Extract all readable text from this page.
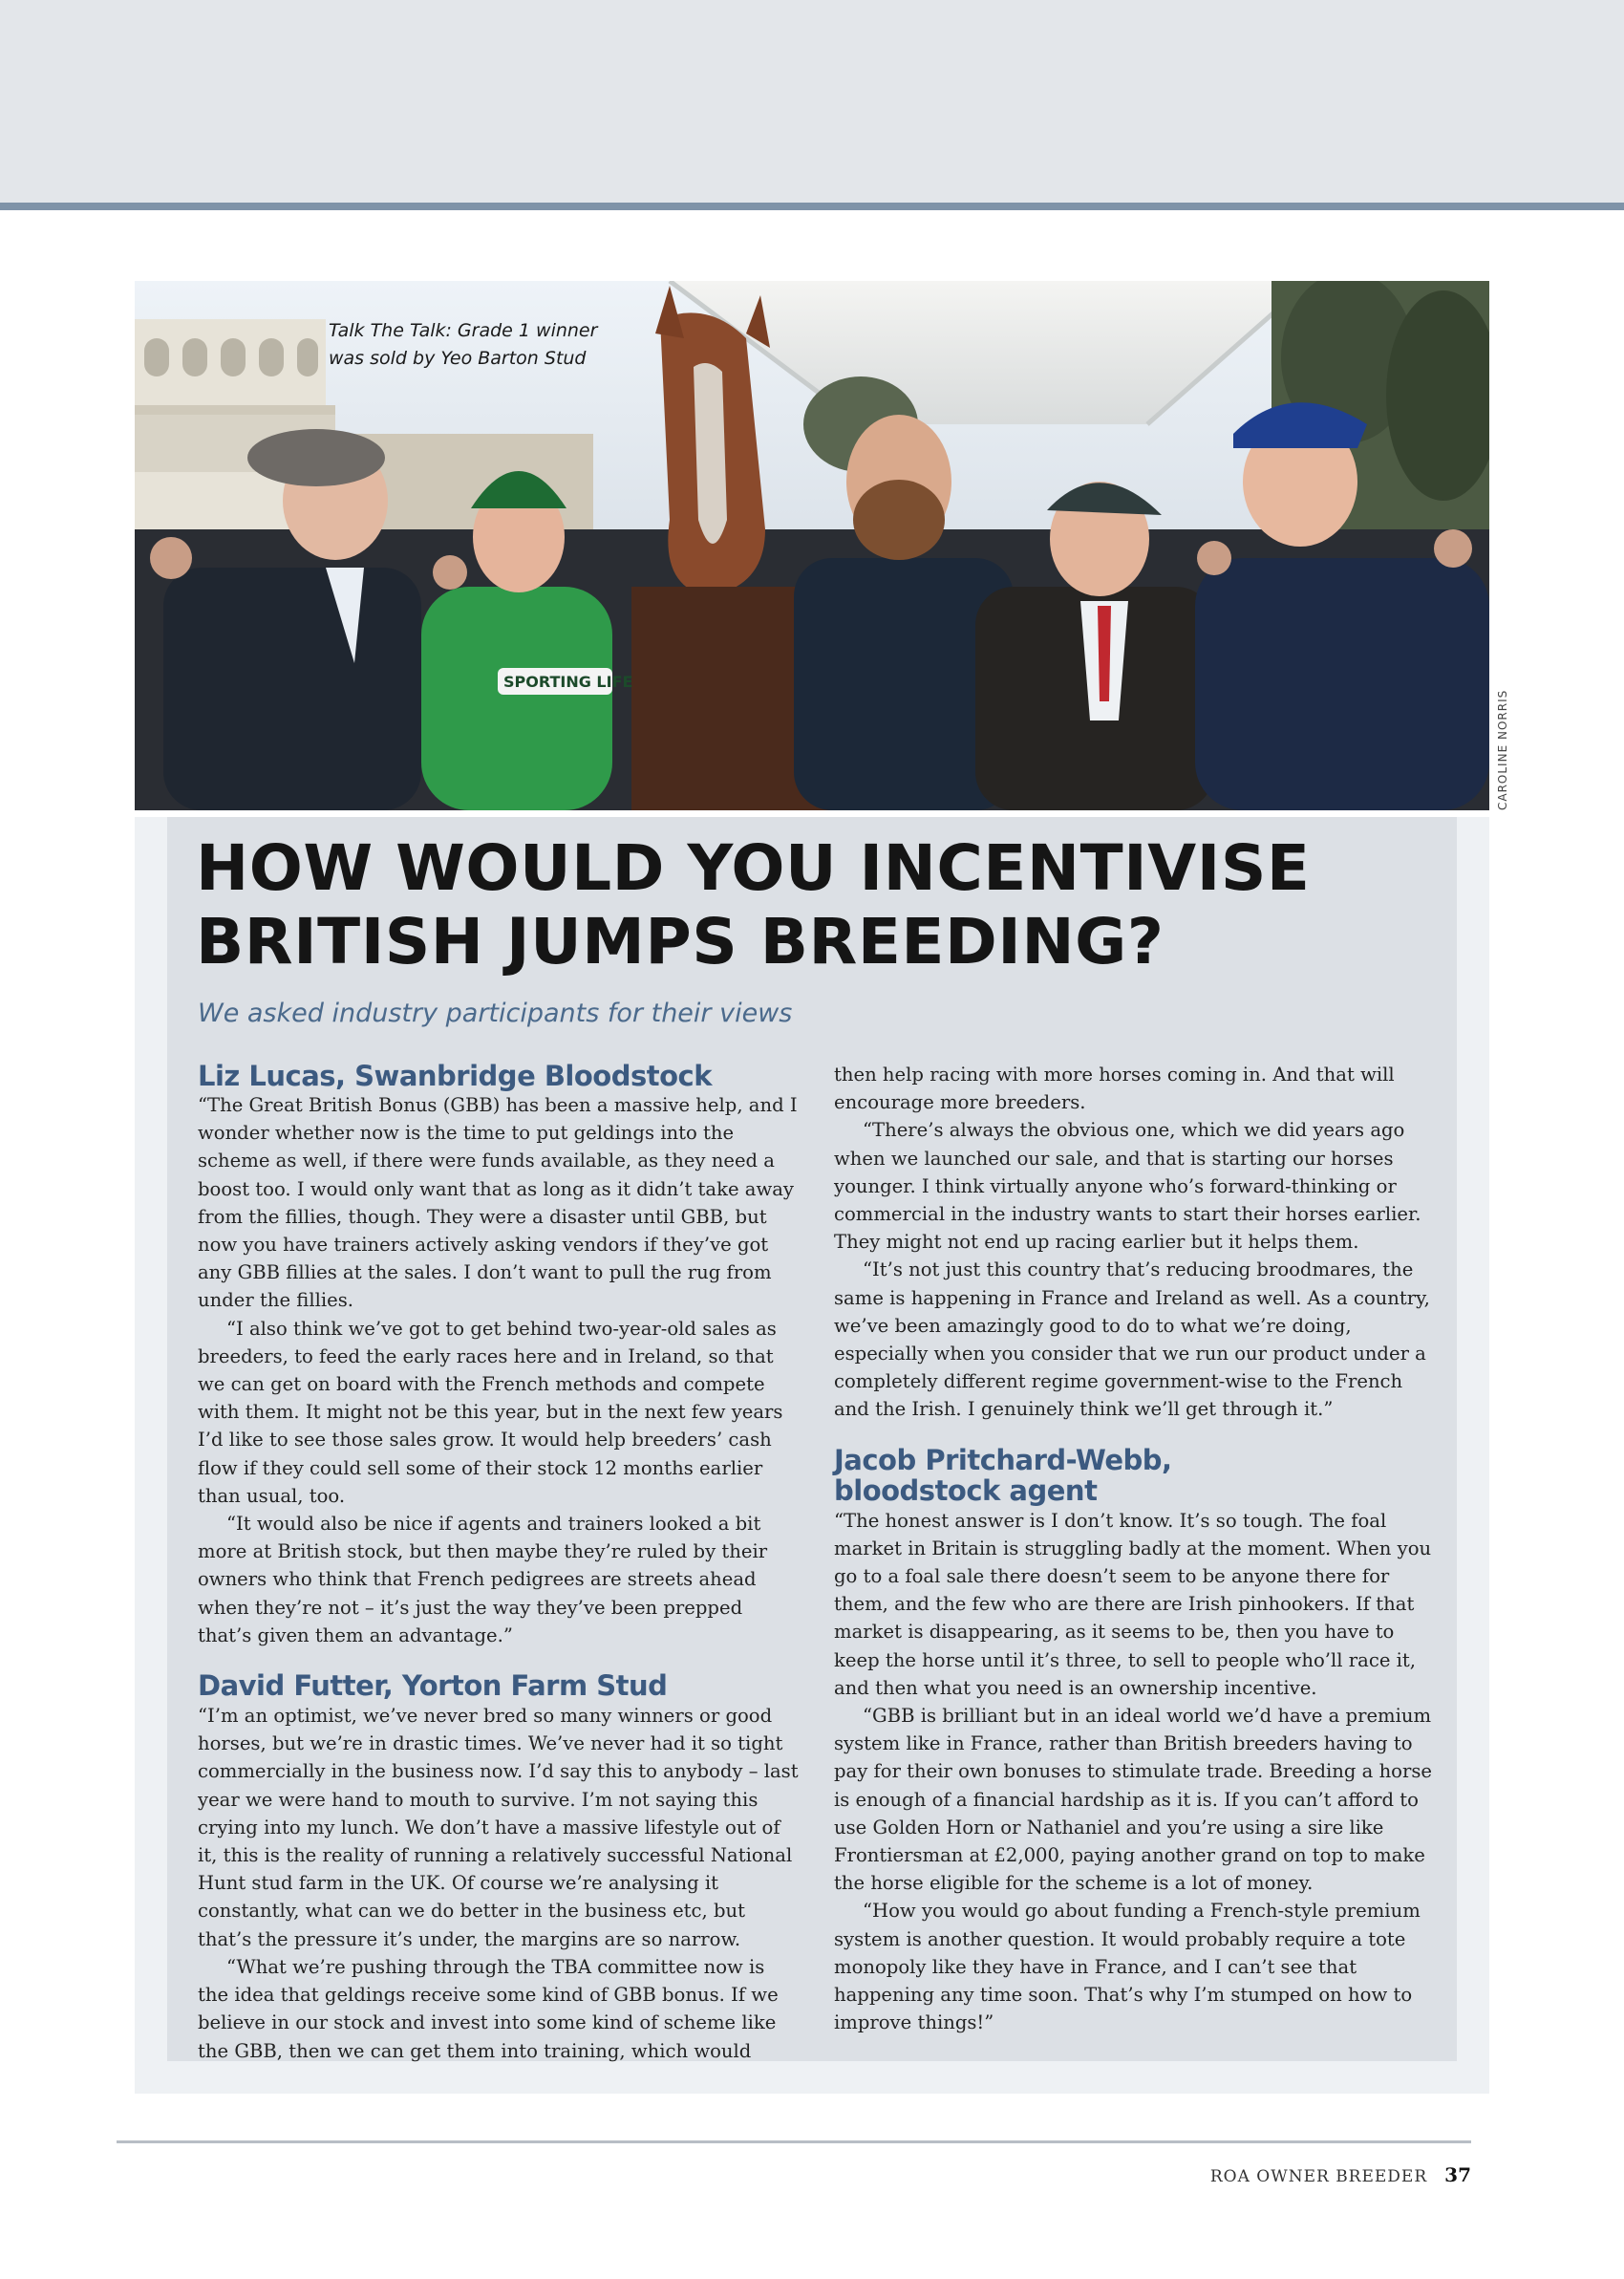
SPORTING LIFE
Talk The Talk: Grade 1 winner was sold by Yeo Barton Stud
CAROLINE NORRIS
HOW WOULD YOU INCENTIVISE
BRITISH JUMPS BREEDING?

We asked industry participants for their views

Liz Lucas, Swanbridge Bloodstock

“The Great British Bonus (GBB) has been a massive help, and I wonder whether now is the time to put geldings into the scheme as well, if there were funds available, as they need a boost too. I would only want that as long as it didn’t take away from the fillies, though. They were a disaster until GBB, but now you have trainers actively asking vendors if they’ve got any GBB fillies at the sales. I don’t want to pull the rug from under the fillies.

“I also think we’ve got to get behind two-year-old sales as breeders, to feed the early races here and in Ireland, so that we can get on board with the French methods and compete with them. It might not be this year, but in the next few years I’d like to see those sales grow. It would help breeders’ cash flow if they could sell some of their stock 12 months earlier than usual, too.

“It would also be nice if agents and trainers looked a bit more at British stock, but then maybe they’re ruled by their owners who think that French pedigrees are streets ahead when they’re not – it’s just the way they’ve been prepped that’s given them an advantage.”

David Futter, Yorton Farm Stud

“I’m an optimist, we’ve never bred so many winners or good horses, but we’re in drastic times. We’ve never had it so tight commercially in the business now. I’d say this to anybody – last year we were hand to mouth to survive. I’m not saying this crying into my lunch. We don’t have a massive lifestyle out of it, this is the reality of running a relatively successful National Hunt stud farm in the UK. Of course we’re analysing it constantly, what can we do better in the business etc, but that’s the pressure it’s under, the margins are so narrow.

“What we’re pushing through the TBA committee now is the idea that geldings receive some kind of GBB bonus. If we believe in our stock and invest into some kind of scheme like the GBB, then we can get them into training, which would

then help racing with more horses coming in. And that will encourage more breeders.

“There’s always the obvious one, which we did years ago when we launched our sale, and that is starting our horses younger. I think virtually anyone who’s forward-thinking or commercial in the industry wants to start their horses earlier. They might not end up racing earlier but it helps them.

“It’s not just this country that’s reducing broodmares, the same is happening in France and Ireland as well. As a country, we’ve been amazingly good to do to what we’re doing, especially when you consider that we run our product under a completely different regime government-wise to the French and the Irish. I genuinely think we’ll get through it.”

Jacob Pritchard-Webb,
bloodstock agent

“The honest answer is I don’t know. It’s so tough. The foal market in Britain is struggling badly at the moment. When you go to a foal sale there doesn’t seem to be anyone there for them, and the few who are there are Irish pinhookers. If that market is disappearing, as it seems to be, then you have to keep the horse until it’s three, to sell to people who’ll race it, and then what you need is an ownership incentive.

“GBB is brilliant but in an ideal world we’d have a premium system like in France, rather than British breeders having to pay for their own bonuses to stimulate trade. Breeding a horse is enough of a financial hardship as it is. If you can’t afford to use Golden Horn or Nathaniel and you’re using a sire like Frontiersman at £2,000, paying another grand on top to make the horse eligible for the scheme is a lot of money.

“How you would go about funding a French-style premium system is another question. It would probably require a tote monopoly like they have in France, and I can’t see that happening any time soon. That’s why I’m stumped on how to improve things!”

ROA OWNER BREEDER 37
